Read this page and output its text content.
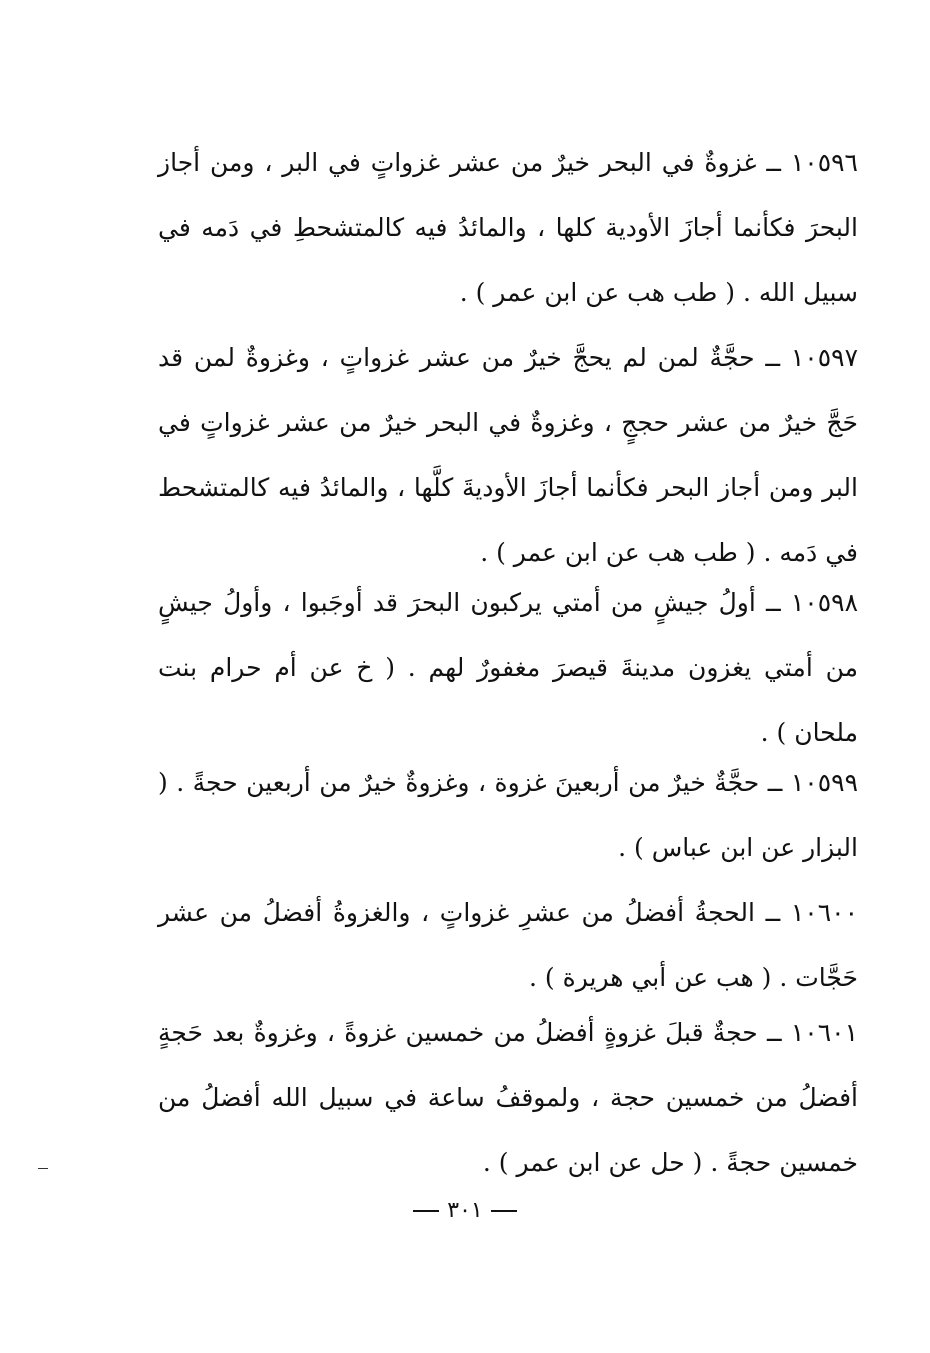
١٠٥٩٦ ــ غزوةٌ في البحر خيرٌ من عشر غزواتٍ في البر ، ومن أجاز البحرَ فكأنما أجازَ الأودية كلها ، والمائدُ فيه كالمتشحطِ في دَمه في سبيل الله . ( طب هب عن ابن عمر ) .
١٠٥٩٧ ــ حجَّةٌ لمن لم يحجَّ خيرٌ من عشر غزواتٍ ، وغزوةٌ لمن قد حَجَّ خيرٌ من عشر حججٍ ، وغزوةٌ في البحر خيرٌ من عشر غزواتٍ في البر ومن أجاز البحر فكأنما أجازَ الأوديةَ كلَّها ، والمائدُ فيه كالمتشحط في دَمه . ( طب هب عن ابن عمر ) .
١٠٥٩٨ ــ أولُ جيشٍ من أمتي يركبون البحرَ قد أوجَبوا ، وأولُ جيشٍ من أمتي يغزون مدينةَ قيصرَ مغفورٌ لهم . ( خ عن أم حرام بنت ملحان ) .
١٠٥٩٩ ــ حجَّةٌ خيرٌ من أربعينَ غزوة ، وغزوةٌ خيرٌ من أربعين حجةً . ( البزار عن ابن عباس ) .
١٠٦٠٠ ــ الحجةُ أفضلُ من عشرِ غزواتٍ ، والغزوةُ أفضلُ من عشر حَجَّات . ( هب عن أبي هريرة ) .
١٠٦٠١ ــ حجةٌ قبلَ غزوةٍ أفضلُ من خمسين غزوةً ، وغزوةٌ بعد حَجةٍ أفضلُ من خمسين حجة ، ولموقفُ ساعة في سبيل الله أفضلُ من خمسين حجةً . ( حل عن ابن عمر ) .
٣٠١
